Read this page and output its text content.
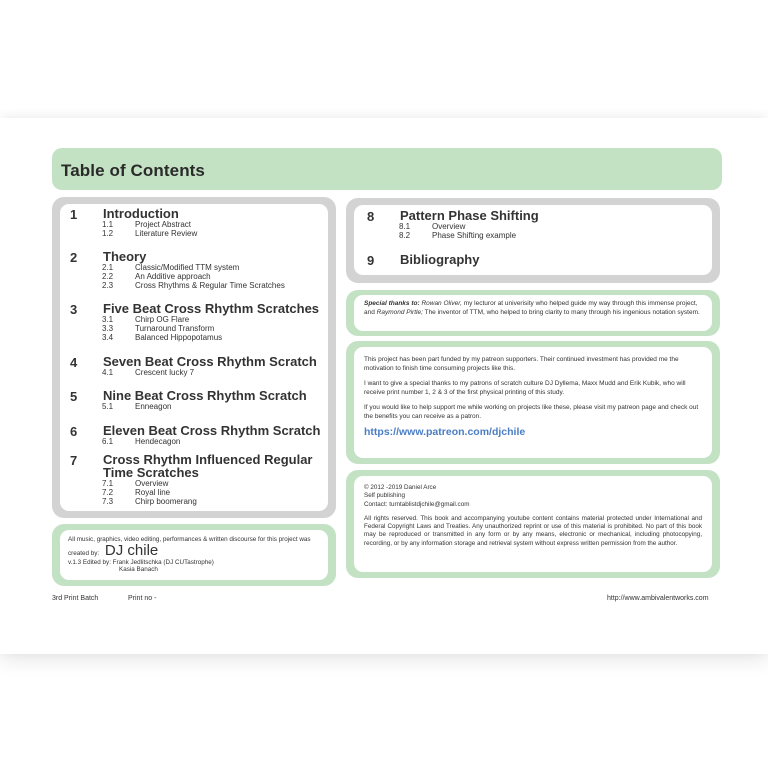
Table of Contents
1 Introduction
1.1	Project Abstract
1.2	Literature Review
2 Theory
2.1	Classic/Modified TTM system
2.2	An Additive approach
2.3	Cross Rhythms & Regular Time Scratches
3 Five Beat Cross Rhythm Scratches
3.1	Chirp OG Flare
3.3	Turnaround Transform
3.4	Balanced Hippopotamus
4 Seven Beat Cross Rhythm Scratch
4.1	Crescent lucky 7
5 Nine Beat Cross Rhythm Scratch
5.1	Enneagon
6 Eleven Beat Cross Rhythm Scratch
6.1	Hendecagon
7 Cross Rhythm Influenced Regular
Time Scratches
7.1	Overview
7.2	Royal line
7.3	Chirp boomerang
8 Pattern Phase Shifting
8.1	Overview
8.2	Phase Shifting example
9 Bibliography
Special thanks to: Rowan Oliver, my lecturor at univerisity who helped guide my way through this immense project, and Raymond Pirtle; The inventor of TTM, who helped to bring clarity to many through his ingenious notation system.

This project has been part funded by my patreon supporters. Their continued investment has provided me the motivation to finish time consuming projects like this.

I want to give a special thanks to my patrons of scratch culture DJ Dyllema, Maxx Mudd and Erik Kubik, who will receive print number 1, 2 & 3 of the first physical printing of this study.

If you would like to help support me while working on projects like these, please visit my patreon page and check out the benefits you can receive as a patron.

https://www.patreon.com/djchile
© 2012 -2019 Daniel Arce
Self publishing
Contact: turntablistdjchile@gmail.com
All rights reserved. This book and accompanying youtube content contains material protected under International and Federal Copyright Laws and Treaties. Any unauthorized reprint or use of this material is prohibited. No part of this book may be reproduced or transmitted in any form or by any means, electronic or mechanical, including photocopying, recording, or by any information storage and retrieval system without express written permission from the author.
All music, graphics, video editing, performances & written discourse for this project was created by: DJ chile
v.1.3 Edited by: Frank Jedlitschka (DJ CUTastrophe)
Kasia Banach
3rd Print Batch	Print no -	http://www.ambivalentworks.com
